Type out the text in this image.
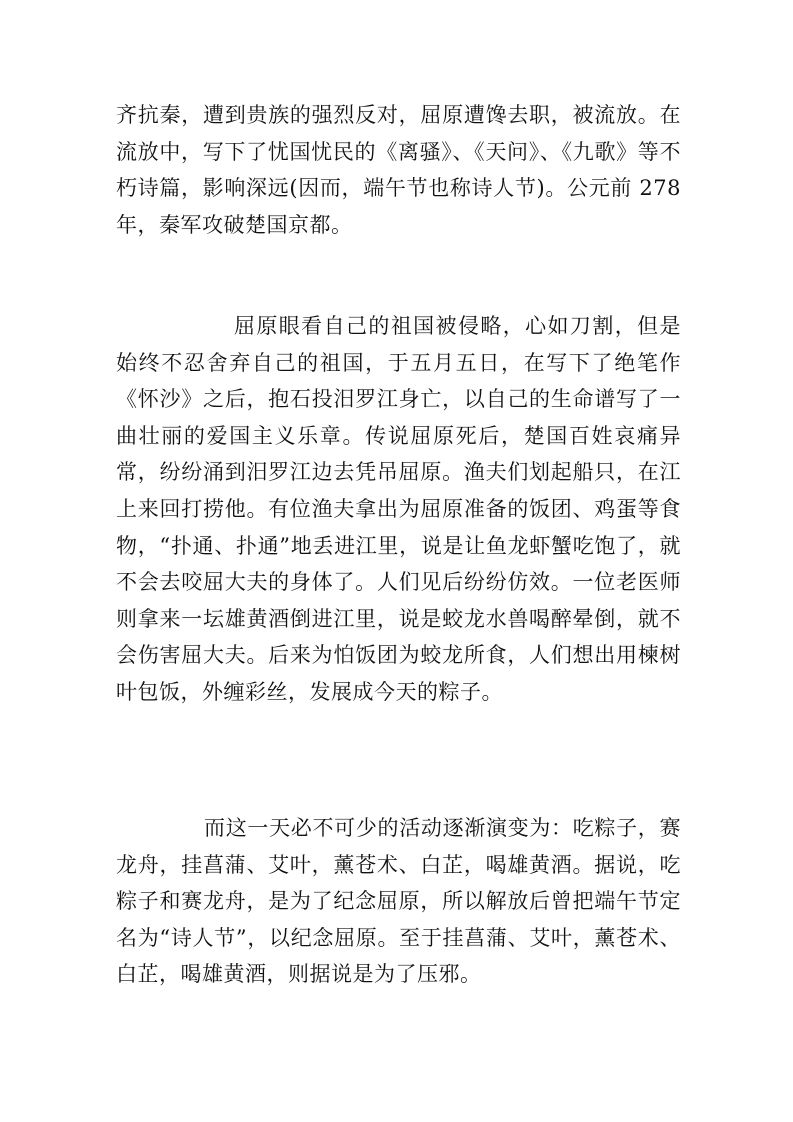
齐抗秦，遭到贵族的强烈反对，屈原遭馋去职，被流放。在流放中，写下了忧国忧民的《离骚》、《天问》、《九歌》等不朽诗篇，影响深远(因而，端午节也称诗人节)。公元前 278 年，秦军攻破楚国京都。
屈原眼看自己的祖国被侵略，心如刀割，但是始终不忍舍弃自己的祖国，于五月五日，在写下了绝笔作《怀沙》之后，抱石投汨罗江身亡，以自己的生命谱写了一曲壮丽的爱国主义乐章。传说屈原死后，楚国百姓哀痛异常，纷纷涌到汨罗江边去凭吊屈原。渔夫们划起船只，在江上来回打捞他。有位渔夫拿出为屈原准备的饭团、鸡蛋等食物，“扑通、扑通”地丢进江里，说是让鱼龙虾蟹吃饱了，就不会去咬屈大夫的身体了。人们见后纷纷仿效。一位老医师则拿来一坛雄黄酒倒进江里，说是蛟龙水兽喝醉晕倒，就不会伤害屈大夫。后来为怕饭团为蛟龙所食，人们想出用楝树叶包饭，外缠彩丝，发展成今天的粽子。
而这一天必不可少的活动逐渐演变为：吃粽子，赛龙舟，挂菖蒲、艾叶，薰苍术、白芷，喝雄黄酒。据说，吃粽子和赛龙舟，是为了纪念屈原，所以解放后曾把端午节定名为“诗人节”，以纪念屈原。至于挂菖蒲、艾叶，薰苍术、白芷，喝雄黄酒，则据说是为了压邪。
